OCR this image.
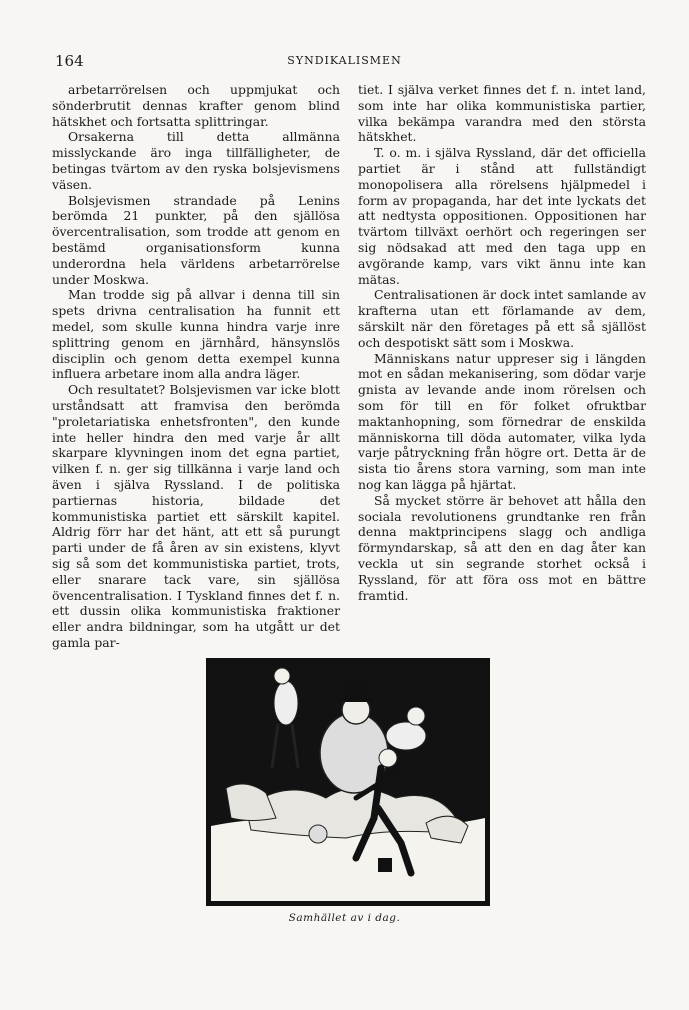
164	SYNDIKALISMEN

arbetarrörelsen och uppmjukat och sönderbrutit dennas krafter genom blind hätskhet och fortsatta splittringar.

Orsakerna till detta allmänna misslyckande äro inga tillfälligheter, de betingas tvärtom av den ryska bolsjevismens väsen.

Bolsjevismen strandade på Lenins berömda 21 punkter, på den själlösa övercentralisation, som trodde att genom en bestämd organisationsform kunna underordna hela världens arbetarrörelse under Moskwa.

Man trodde sig på allvar i denna till sin spets drivna centralisation ha funnit ett medel, som skulle kunna hindra varje inre splittring genom en järnhård, hänsynslös disciplin och genom detta exempel kunna influera arbetare inom alla andra läger.

Och resultatet? Bolsjevismen var icke blott urståndsatt att framvisa den berömda "proletariatiska enhetsfronten", den kunde inte heller hindra den med varje år allt skarpare klyvningen inom det egna partiet, vilken f. n. ger sig tillkänna i varje land och även i själva Ryssland. I de politiska partiernas historia, bildade det kommunistiska partiet ett särskilt kapitel. Aldrig förr har det hänt, att ett så purungt parti under de få åren av sin existens, klyvt sig så som det kommunistiska partiet, trots, eller snarare tack vare, sin själlösa övencentralisation. I Tyskland finnes det f. n. ett dussin olika kommunistiska fraktioner eller andra bildningar, som ha utgått ur det gamla par-

tiet. I själva verket finnes det f. n. intet land, som inte har olika kommunistiska partier, vilka bekämpa varandra med den största hätskhet.

T. o. m. i själva Ryssland, där det officiella partiet är i stånd att fullständigt monopolisera alla rörelsens hjälpmedel i form av propaganda, har det inte lyckats det att nedtysta oppositionen. Oppositionen har tvärtom tillväxt oerhört och regeringen ser sig nödsakad att med den taga upp en avgörande kamp, vars vikt ännu inte kan mätas.

Centralisationen är dock intet samlande av krafterna utan ett förlamande av dem, särskilt när den företages på ett så själlöst och despotiskt sätt som i Moskwa.

Människans natur uppreser sig i längden mot en sådan mekanisering, som dödar varje gnista av levande ande inom rörelsen och som för till en för folket ofruktbar maktanhopning, som förnedrar de enskilda människorna till döda automater, vilka lyda varje påtryckning från högre ort. Detta är de sista tio årens stora varning, som man inte nog kan lägga på hjärtat.

Så mycket större är behovet att hålla den sociala revolutionens grundtanke ren från denna maktprincipens slagg och andliga förmyndarskap, så att den en dag åter kan veckla ut sin segrande storhet också i Ryssland, för att föra oss mot en bättre framtid.

Samhället av i dag.
